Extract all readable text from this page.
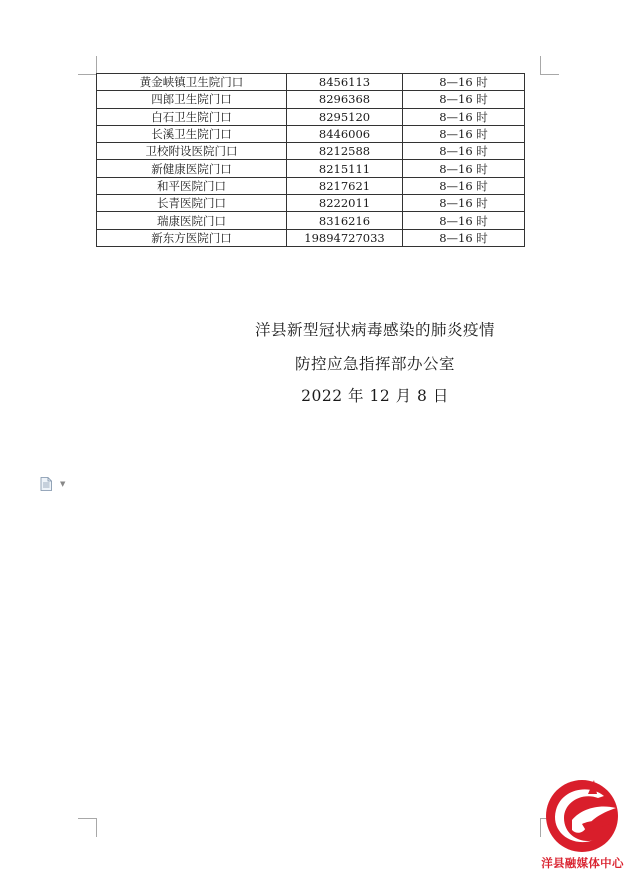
黄金峡镇卫生院门口	8456113	8—16 时
四郎卫生院门口	8296368	8—16 时
白石卫生院门口	8295120	8—16 时
长溪卫生院门口	8446006	8—16 时
卫校附设医院门口	8212588	8—16 时
新健康医院门口	8215111	8—16 时
和平医院门口	8217621	8—16 时
长青医院门口	8222011	8—16 时
瑞康医院门口	8316216	8—16 时
新东方医院门口	19894727033	8—16 时
洋县新型冠状病毒感染的肺炎疫情
防控应急指挥部办公室
2022 年 12 月 8 日
▼
洋县融媒体中心
